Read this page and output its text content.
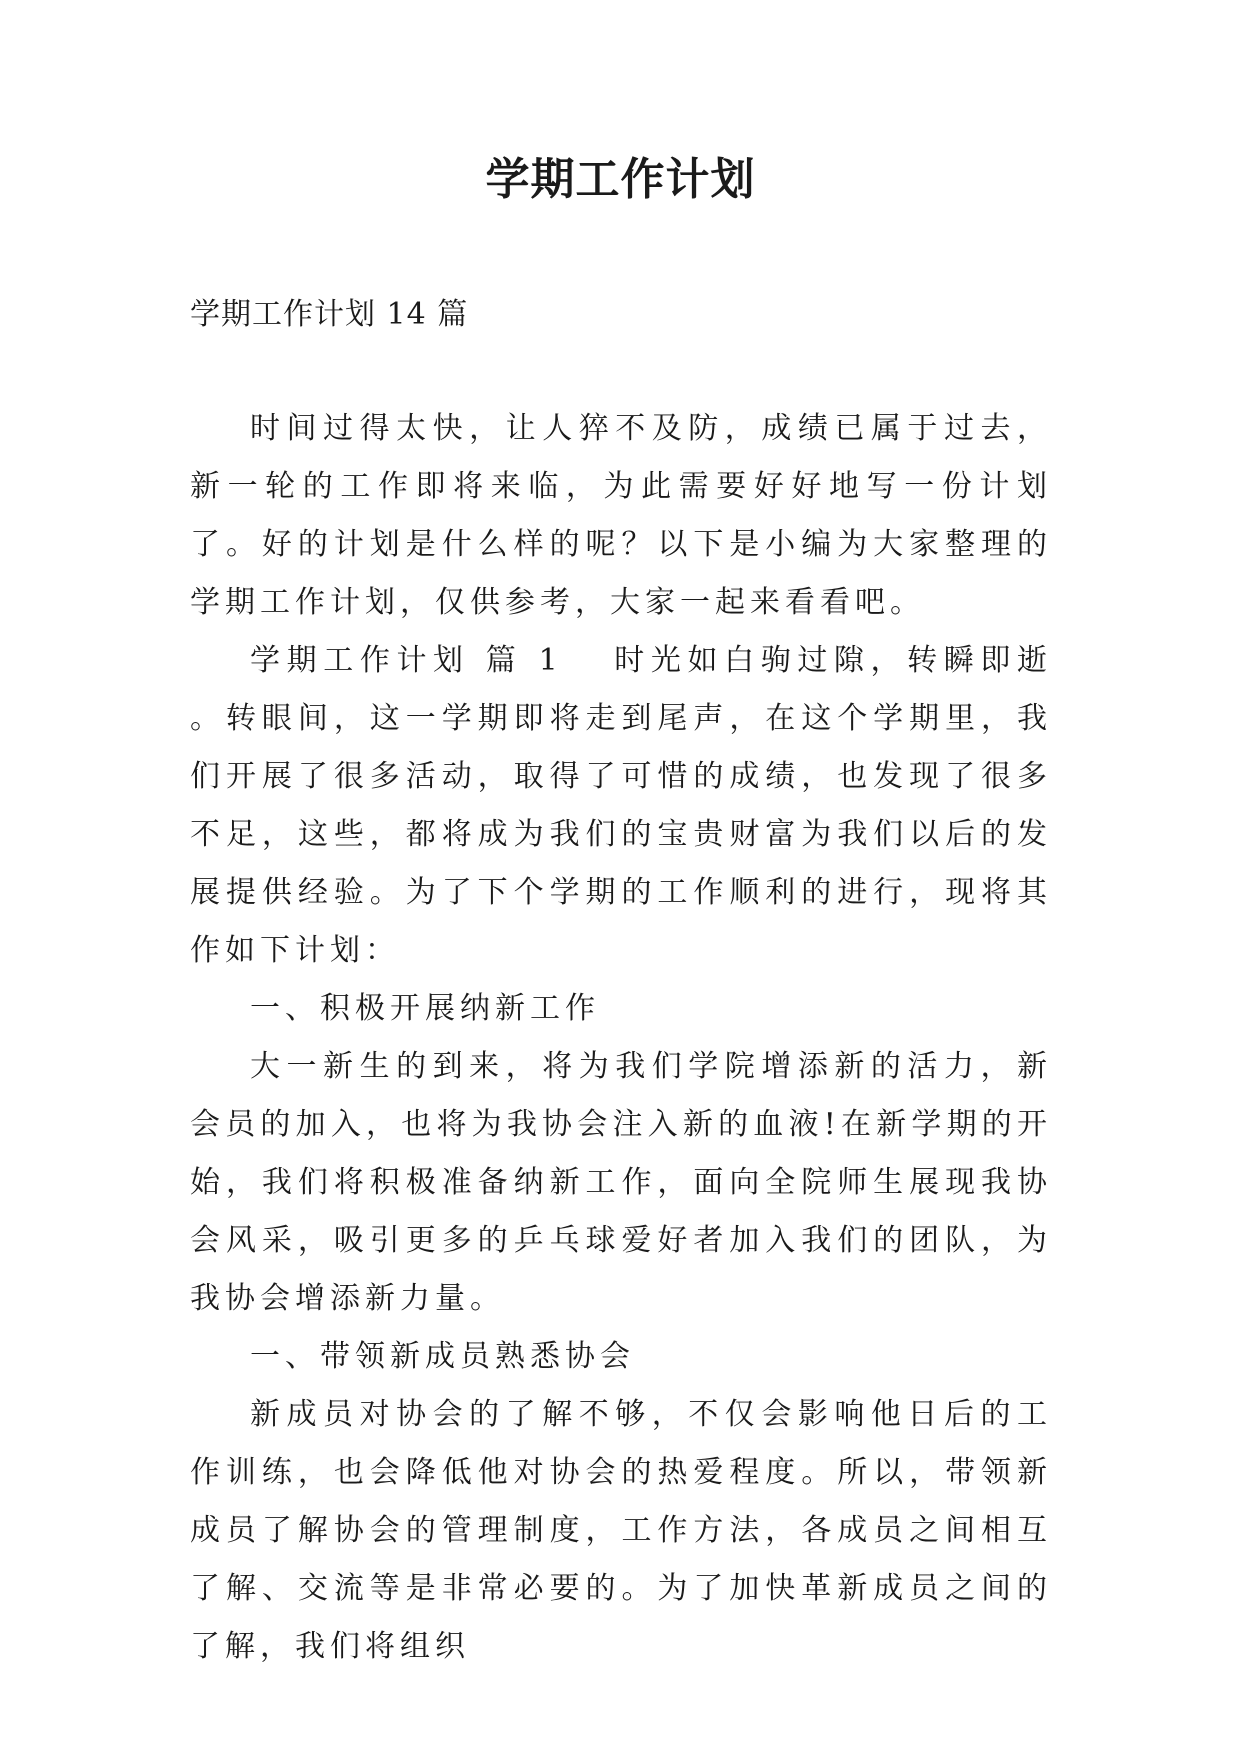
学期工作计划
学期工作计划 14 篇

时间过得太快，让人猝不及防，成绩已属于过去，新一轮的工作即将来临，为此需要好好地写一份计划了。好的计划是什么样的呢？以下是小编为大家整理的学期工作计划，仅供参考，大家一起来看看吧。

学期工作计划 篇 1 时光如白驹过隙，转瞬即逝 。转眼间，这一学期即将走到尾声，在这个学期里，我们开展了很多活动，取得了可惜的成绩，也发现了很多不足，这些，都将成为我们的宝贵财富为我们以后的发展提供经验。为了下个学期的工作顺利的进行，现将其作如下计划：

一、积极开展纳新工作

大一新生的到来，将为我们学院增添新的活力，新会员的加入，也将为我协会注入新的血液!在新学期的开始，我们将积极准备纳新工作，面向全院师生展现我协会风采，吸引更多的乒乓球爱好者加入我们的团队，为我协会增添新力量。

一、带领新成员熟悉协会

新成员对协会的了解不够，不仅会影响他日后的工作训练，也会降低他对协会的热爱程度。所以，带领新成员了解协会的管理制度，工作方法，各成员之间相互了解、交流等是非常必要的。为了加快革新成员之间的了解，我们将组织
